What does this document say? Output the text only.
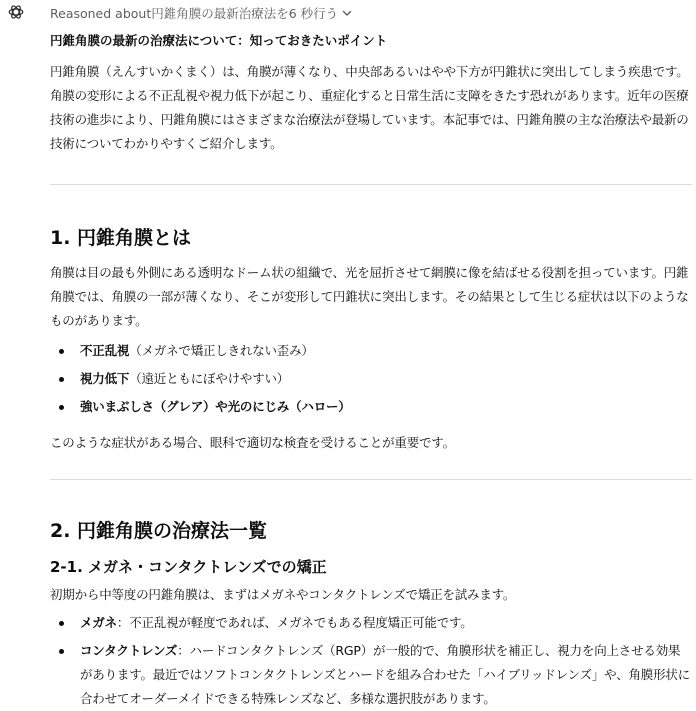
Reasoned about円錐角膜の最新治療法を6 秒行う
円錐角膜の最新の治療法について：知っておきたいポイント

円錐角膜（えんすいかくまく）は、角膜が薄くなり、中央部あるいはやや下方が円錐状に突出してしまう疾患です。角膜の変形による不正乱視や視力低下が起こり、重症化すると日常生活に支障をきたす恐れがあります。近年の医療技術の進歩により、円錐角膜にはさまざまな治療法が登場しています。本記事では、円錐角膜の主な治療法や最新の技術についてわかりやすくご紹介します。

1. 円錐角膜とは

角膜は目の最も外側にある透明なドーム状の組織で、光を屈折させて網膜に像を結ばせる役割を担っています。円錐角膜では、角膜の一部が薄くなり、そこが変形して円錐状に突出します。その結果として生じる症状は以下のようなものがあります。

不正乱視（メガネで矯正しきれない歪み）
視力低下（遠近ともにぼやけやすい）
強いまぶしさ（グレア）や光のにじみ（ハロー）

このような症状がある場合、眼科で適切な検査を受けることが重要です。

2. 円錐角膜の治療法一覧
2-1. メガネ・コンタクトレンズでの矯正

初期から中等度の円錐角膜は、まずはメガネやコンタクトレンズで矯正を試みます。

メガネ：不正乱視が軽度であれば、メガネでもある程度矯正可能です。
コンタクトレンズ：ハードコンタクトレンズ（RGP）が一般的で、角膜形状を補正し、視力を向上させる効果があります。最近ではソフトコンタクトレンズとハードを組み合わせた「ハイブリッドレンズ」や、角膜形状に合わせてオーダーメイドできる特殊レンズなど、多様な選択肢があります。
